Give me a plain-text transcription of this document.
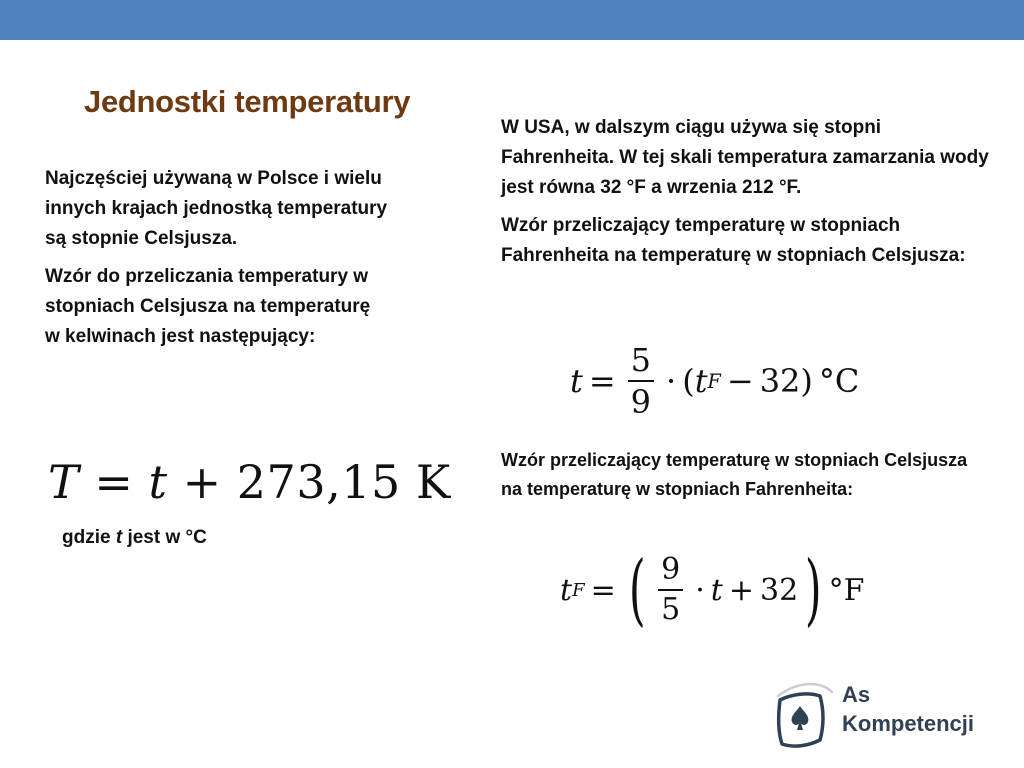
Jednostki temperatury

Najczęściej używaną w Polsce i wielu innych krajach jednostką temperatury są stopnie Celsjusza.

Wzór do przeliczania temperatury w stopniach Celsjusza na temperaturę w kelwinach jest następujący:

T = t + 273,15 K
gdzie t jest w °C

W USA, w dalszym ciągu używa się stopni Fahrenheita. W tej skali temperatura zamarzania wody jest równa 32 °F a wrzenia 212 °F.

Wzór przeliczający temperaturę w stopniach Fahrenheita na temperaturę w stopniach Celsjusza:

$t = \frac{5}{9}$ · ( t F − 32 ) °C

Wzór przeliczający temperaturę w stopniach Celsjusza na temperaturę w stopniach Fahrenheita:

t F = ( $\frac{9}{5} \cdot t + 32$ ) °F
As
Kompetencji
